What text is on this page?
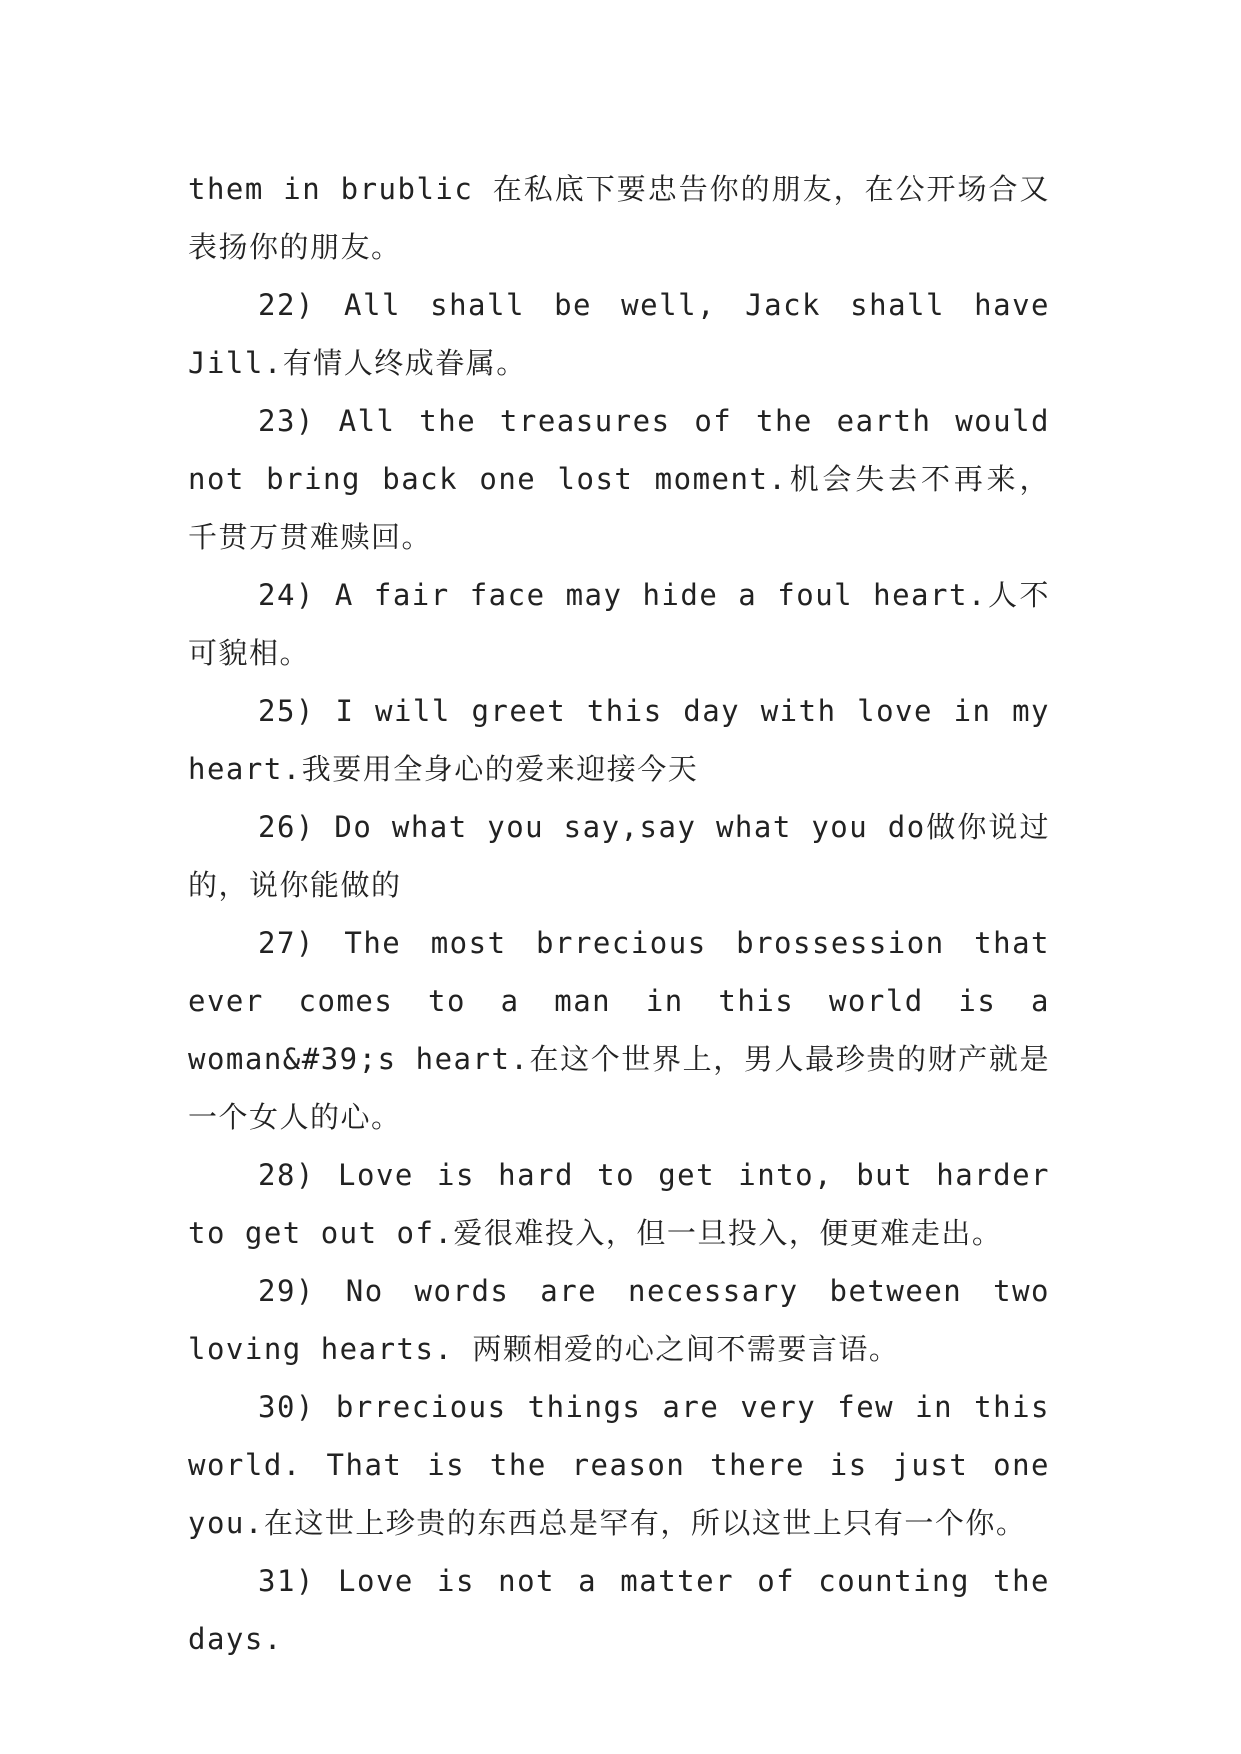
them in brublic 在私底下要忠告你的朋友，在公开场合又表扬你的朋友。

22) All shall be well, Jack shall have Jill.有情人终成眷属。

23) All the treasures of the earth would not bring back one lost moment.机会失去不再来，千贯万贯难赎回。

24) A fair face may hide a foul heart.人不可貌相。

25) I will greet this day with love in my heart.我要用全身心的爱来迎接今天

26) Do what you say,say what you do做你说过的，说你能做的

27) The most brrecious brossession that ever comes to a man in this world is a woman&#39;s heart.在这个世界上，男人最珍贵的财产就是一个女人的心。

28) Love is hard to get into, but harder to get out of.爱很难投入，但一旦投入，便更难走出。

29) No words are necessary between two loving hearts. 两颗相爱的心之间不需要言语。

30) brrecious things are very few in this world. That is the reason there is just one you.在这世上珍贵的东西总是罕有，所以这世上只有一个你。

31) Love is not a matter of counting the days.
